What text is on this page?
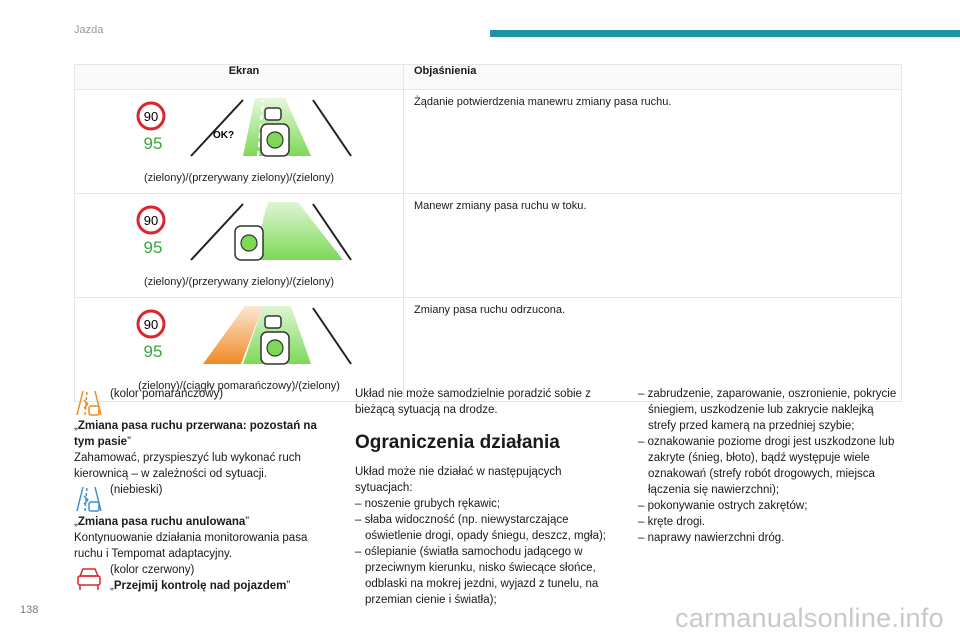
Jazda
Ekran	Objaśnienia

90
95 OK?
(zielony)/(przerywany zielony)/(zielony)	Żądanie potwierdzenia manewru zmiany pasa ruchu.

90
95
(zielony)/(przerywany zielony)/(zielony)	Manewr zmiany pasa ruchu w toku.

90
95
(zielony)/(ciągły pomarańczowy)/(zielony)	Zmiany pasa ruchu odrzucona.

(kolor pomarańczowy)

„Zmiana pasa ruchu przerwana: pozostań na tym pasie”

Zahamować, przyspieszyć lub wykonać ruch kierownicą – w zależności od sytuacji.

(niebieski)

„Zmiana pasa ruchu anulowana”

Kontynuowanie działania monitorowania pasa ruchu i Tempomat adaptacyjny.

(kolor czerwony)

„Przejmij kontrolę nad pojazdem”

Układ nie może samodzielnie poradzić sobie z bieżącą sytuacją na drodze.

Ograniczenia działania

Układ może nie działać w następujących sytuacjach:

– noszenie grubych rękawic;

– słaba widoczność (np. niewystarczające oświetlenie drogi, opady śniegu, deszcz, mgła);

– oślepianie (światła samochodu jadącego w przeciwnym kierunku, nisko świecące słońce, odblaski na mokrej jezdni, wyjazd z tunelu, na przemian cienie i światła);

– zabrudzenie, zaparowanie, oszronienie, pokrycie śniegiem, uszkodzenie lub zakrycie naklejką strefy przed kamerą na przedniej szybie;

– oznakowanie poziome drogi jest uszkodzone lub zakryte (śnieg, błoto), bądź występuje wiele oznakowań (strefy robót drogowych, miejsca łączenia się nawierzchni);

– pokonywanie ostrych zakrętów;

– kręte drogi.

– naprawy nawierzchni dróg.

138	carmanualsonline.info
